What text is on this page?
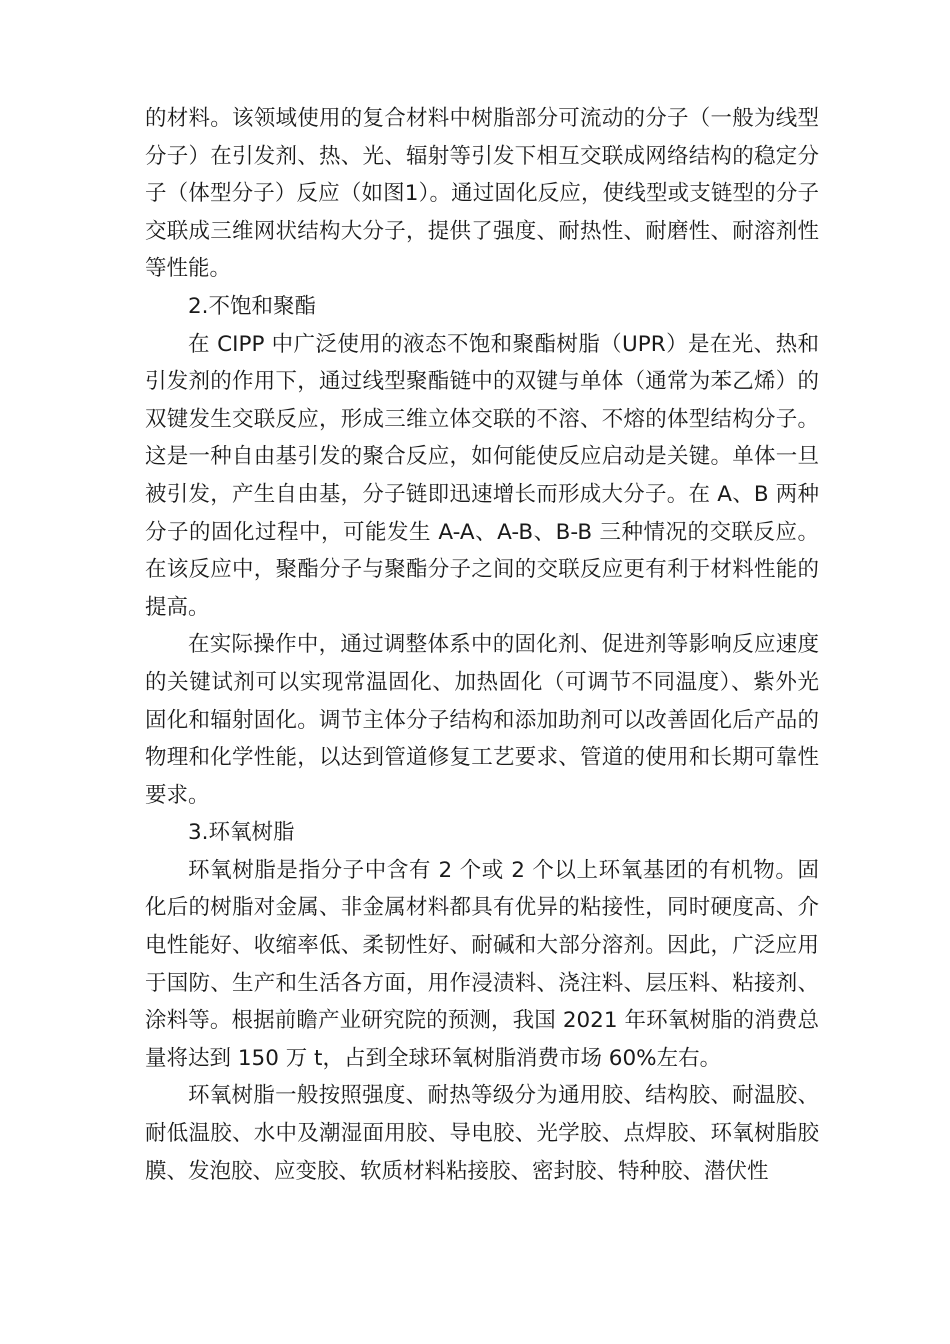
的材料。该领域使用的复合材料中树脂部分可流动的分子（一般为线型分子）在引发剂、热、光、辐射等引发下相互交联成网络结构的稳定分子（体型分子）反应（如图1）。通过固化反应，使线型或支链型的分子交联成三维网状结构大分子，提供了强度、耐热性、耐磨性、耐溶剂性等性能。

2.不饱和聚酯

在 CIPP 中广泛使用的液态不饱和聚酯树脂（UPR）是在光、热和引发剂的作用下，通过线型聚酯链中的双键与单体（通常为苯乙烯）的双键发生交联反应，形成三维立体交联的不溶、不熔的体型结构分子。这是一种自由基引发的聚合反应，如何能使反应启动是关键。单体一旦被引发，产生自由基，分子链即迅速增长而形成大分子。在 A、B 两种分子的固化过程中，可能发生 A-A、A-B、B-B 三种情况的交联反应。在该反应中，聚酯分子与聚酯分子之间的交联反应更有利于材料性能的提高。

在实际操作中，通过调整体系中的固化剂、促进剂等影响反应速度的关键试剂可以实现常温固化、加热固化（可调节不同温度）、紫外光固化和辐射固化。调节主体分子结构和添加助剂可以改善固化后产品的物理和化学性能，以达到管道修复工艺要求、管道的使用和长期可靠性要求。

3.环氧树脂

环氧树脂是指分子中含有 2 个或 2 个以上环氧基团的有机物。固化后的树脂对金属、非金属材料都具有优异的粘接性，同时硬度高、介电性能好、收缩率低、柔韧性好、耐碱和大部分溶剂。因此，广泛应用于国防、生产和生活各方面，用作浸渍料、浇注料、层压料、粘接剂、涂料等。根据前瞻产业研究院的预测，我国 2021 年环氧树脂的消费总量将达到 150 万 t，占到全球环氧树脂消费市场 60%左右。

环氧树脂一般按照强度、耐热等级分为通用胶、结构胶、耐温胶、耐低温胶、水中及潮湿面用胶、导电胶、光学胶、点焊胶、环氧树脂胶膜、发泡胶、应变胶、软质材料粘接胶、密封胶、特种胶、潜伏性
